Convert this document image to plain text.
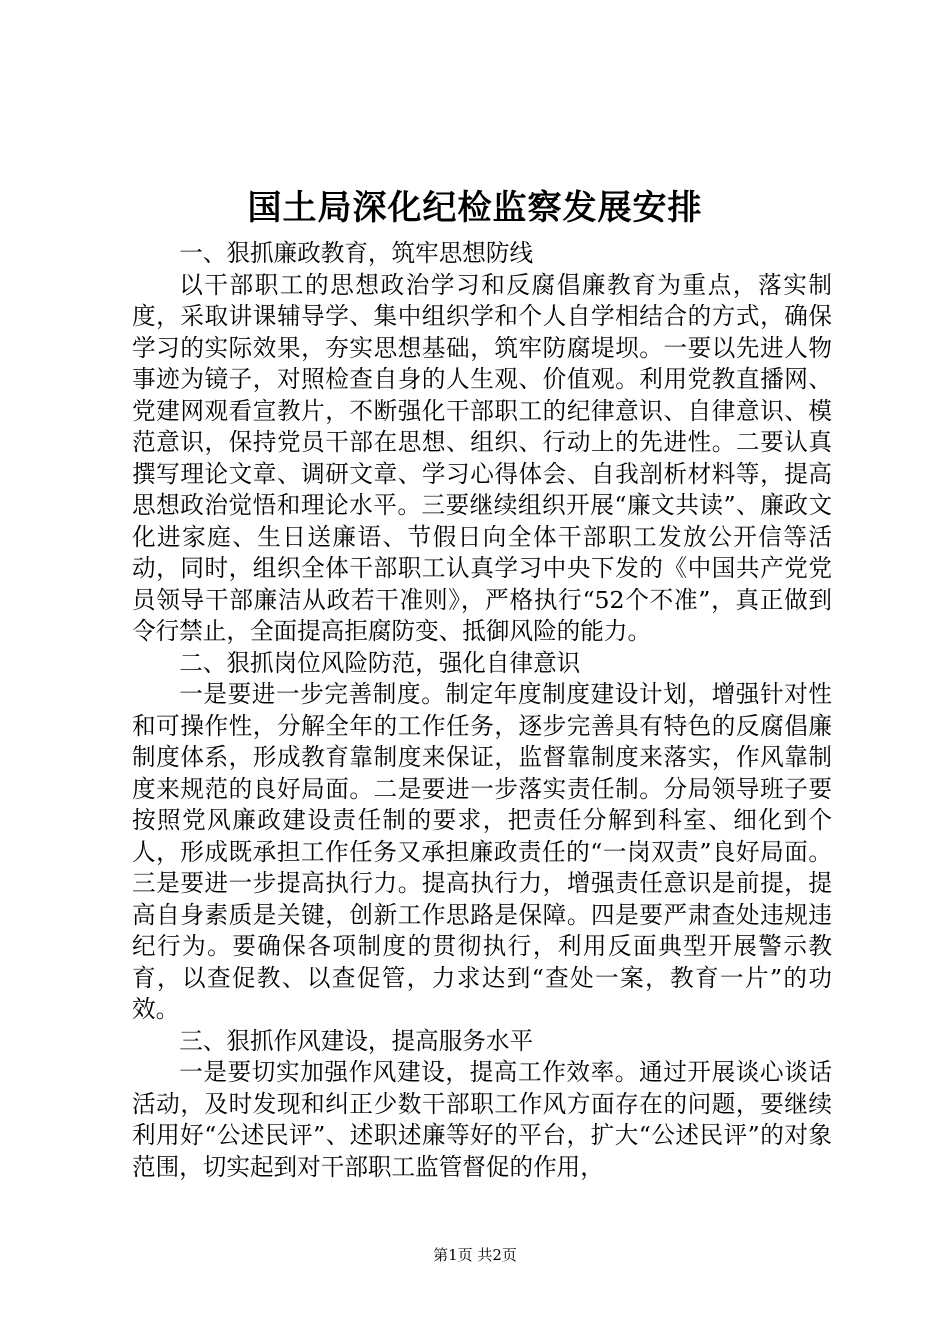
国土局深化纪检监察发展安排

一、狠抓廉政教育，筑牢思想防线

以干部职工的思想政治学习和反腐倡廉教育为重点，落实制度，采取讲课辅导学、集中组织学和个人自学相结合的方式，确保学习的实际效果，夯实思想基础，筑牢防腐堤坝。一要以先进人物事迹为镜子，对照检查自身的人生观、价值观。利用党教直播网、党建网观看宣教片，不断强化干部职工的纪律意识、自律意识、模范意识，保持党员干部在思想、组织、行动上的先进性。二要认真撰写理论文章、调研文章、学习心得体会、自我剖析材料等，提高思想政治觉悟和理论水平。三要继续组织开展“廉文共读”、廉政文化进家庭、生日送廉语、节假日向全体干部职工发放公开信等活动，同时，组织全体干部职工认真学习中央下发的《中国共产党党员领导干部廉洁从政若干准则》，严格执行“52个不准”，真正做到令行禁止，全面提高拒腐防变、抵御风险的能力。

二、狠抓岗位风险防范，强化自律意识

一是要进一步完善制度。制定年度制度建设计划，增强针对性和可操作性，分解全年的工作任务，逐步完善具有特色的反腐倡廉制度体系，形成教育靠制度来保证，监督靠制度来落实，作风靠制度来规范的良好局面。二是要进一步落实责任制。分局领导班子要按照党风廉政建设责任制的要求，把责任分解到科室、细化到个人，形成既承担工作任务又承担廉政责任的“一岗双责”良好局面。三是要进一步提高执行力。提高执行力，增强责任意识是前提，提高自身素质是关键，创新工作思路是保障。四是要严肃查处违规违纪行为。要确保各项制度的贯彻执行，利用反面典型开展警示教育，以查促教、以查促管，力求达到“查处一案，教育一片”的功效。

三、狠抓作风建设，提高服务水平

一是要切实加强作风建设，提高工作效率。通过开展谈心谈话活动，及时发现和纠正少数干部职工作风方面存在的问题，要继续利用好“公述民评”、述职述廉等好的平台，扩大“公述民评”的对象范围，切实起到对干部职工监管督促的作用，

第1页 共2页
